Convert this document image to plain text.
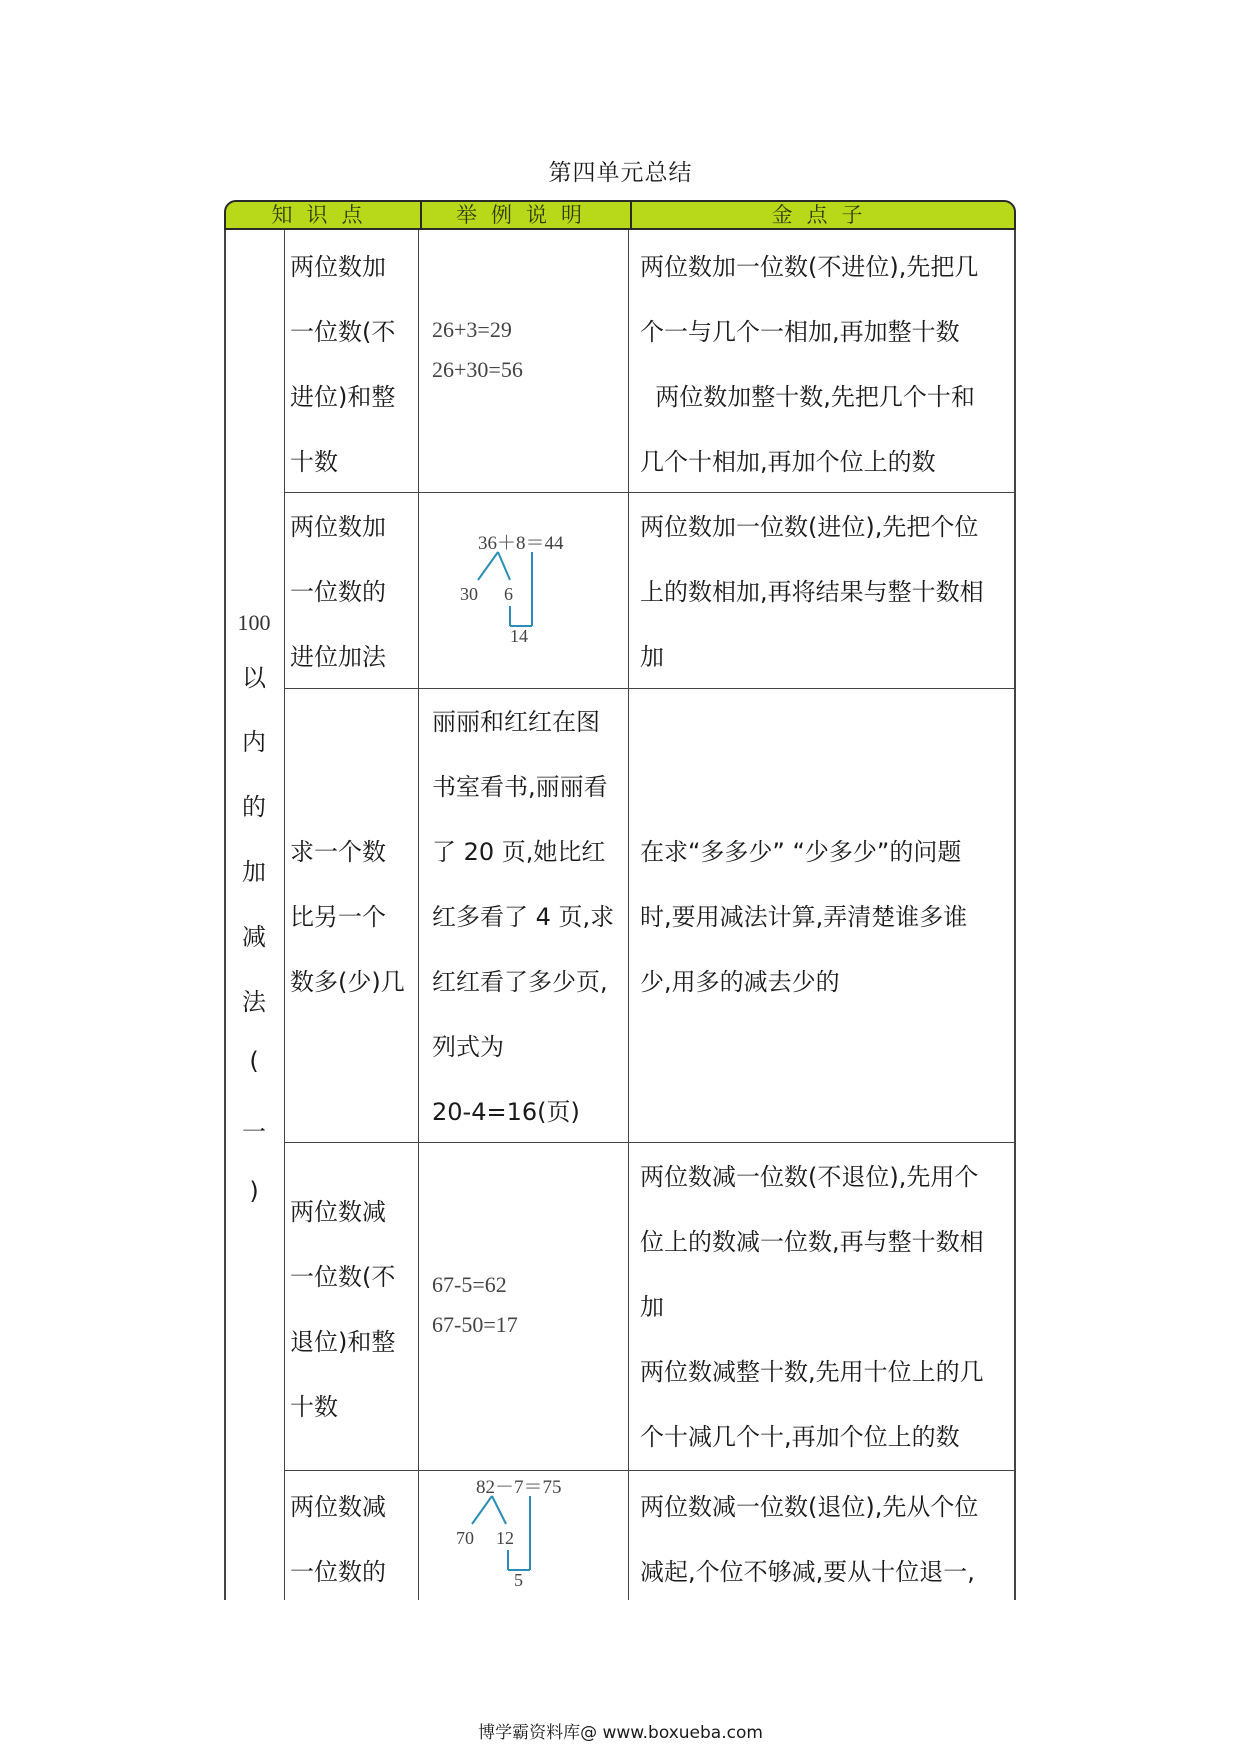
第四单元总结
知识点	举例说明	金点子
100
以
内
的
加
减
法
(
一
)
两位数加
一位数(不
进位)和整
十数
26+3=29
26+30=56
两位数加一位数(不进位),先把几
个一与几个一相加,再加整十数
两位数加整十数,先把几个十和
几个十相加,再加个位上的数
两位数加
一位数的
进位加法
36＋8＝44
30 6
14
两位数加一位数(进位),先把个位
上的数相加,再将结果与整十数相
加
求一个数
比另一个
数多(少)几
丽丽和红红在图
书室看书,丽丽看
了 20 页,她比红
红多看了 4 页,求
红红看了多少页,
列式为
20-4=16(页)
在求“多多少” “少多少”的问题
时,要用减法计算,弄清楚谁多谁
少,用多的减去少的
两位数减
一位数(不
退位)和整
十数
67-5=62
67-50=17
两位数减一位数(不退位),先用个
位上的数减一位数,再与整十数相
加
两位数减整十数,先用十位上的几
个十减几个十,再加个位上的数
两位数减
一位数的
82－7＝75
70 12
5
两位数减一位数(退位),先从个位
减起,个位不够减,要从十位退一,
博学霸资料库@ www.boxueba.com
